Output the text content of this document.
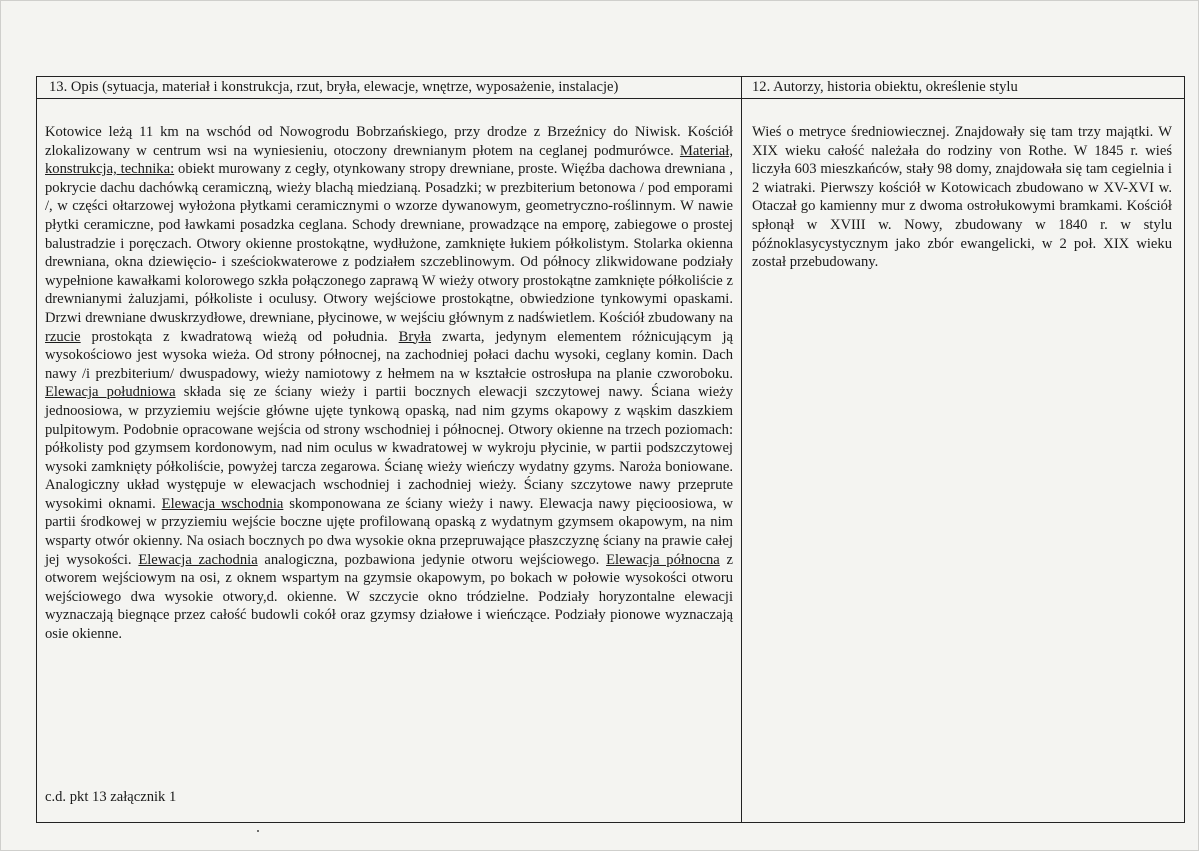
13. Opis (sytuacja, materiał i konstrukcja, rzut, bryła, elewacje, wnętrze, wyposażenie, instalacje)
Kotowice leżą 11 km na wschód od Nowogrodu Bobrzańskiego, przy drodze z Brzeźnicy do Niwisk. Kościół zlokalizowany w centrum wsi na wyniesieniu, otoczony drewnianym płotem na ceglanej podmurówce. Materiał, konstrukcja, technika: obiekt murowany z cegły, otynkowany stropy drewniane, proste. Więźba dachowa drewniana , pokrycie dachu dachówką ceramiczną, wieży blachą miedzianą. Posadzki; w prezbiterium betonowa / pod emporami /, w części ołtarzowej wyłożona płytkami ceramicznymi o wzorze dywanowym, geometryczno-roślinnym. W nawie płytki ceramiczne, pod ławkami posadzka ceglana. Schody drewniane, prowadzące na emporę, zabiegowe o prostej balustradzie i poręczach. Otwory okienne prostokątne, wydłużone, zamknięte łukiem półkolistym. Stolarka okienna drewniana, okna dziewięcio- i sześciokwaterowe z podziałem szczeblinowym. Od północy zlikwidowane podziały wypełnione kawałkami kolorowego szkła połączonego zaprawą W wieży otwory prostokątne zamknięte półkoliście z drewnianymi żaluzjami, półkoliste i oculusy. Otwory wejściowe prostokątne, obwiedzione tynkowymi opaskami. Drzwi drewniane dwuskrzydłowe, drewniane, płycinowe, w wejściu głównym z nadświetlem. Kościół zbudowany na rzucie prostokąta z kwadratową wieżą od południa. Bryła zwarta, jedynym elementem różnicującym ją wysokościowo jest wysoka wieża. Od strony północnej, na zachodniej połaci dachu wysoki, ceglany komin. Dach nawy /i prezbiterium/ dwuspadowy, wieży namiotowy z hełmem na w kształcie ostrosłupa na planie czworoboku. Elewacja południowa składa się ze ściany wieży i partii bocznych elewacji szczytowej nawy. Ściana wieży jednoosiowa, w przyziemiu wejście główne ujęte tynkową opaską, nad nim gzyms okapowy z wąskim daszkiem pulpitowym. Podobnie opracowane wejścia od strony wschodniej i północnej. Otwory okienne na trzech poziomach: półkolisty pod gzymsem kordonowym, nad nim oculus w kwadratowej w wykroju płycinie, w partii podszczytowej wysoki zamknięty półkoliście, powyżej tarcza zegarowa. Ścianę wieży wieńczy wydatny gzyms. Naroża boniowane. Analogiczny układ występuje w elewacjach wschodniej i zachodniej wieży. Ściany szczytowe nawy przeprute wysokimi oknami. Elewacja wschodnia skomponowana ze ściany wieży i nawy. Elewacja nawy pięcioosiowa, w partii środkowej w przyziemiu wejście boczne ujęte profilowaną opaską z wydatnym gzymsem okapowym, na nim wsparty otwór okienny. Na osiach bocznych po dwa wysokie okna przepruwające płaszczyznę ściany na prawie całej jej wysokości. Elewacja zachodnia analogiczna, pozbawiona jedynie otworu wejściowego. Elewacja północna z otworem wejściowym na osi, z oknem wspartym na gzymsie okapowym, po bokach w połowie wysokości otworu wejściowego dwa wysokie otwory,d. okienne. W szczycie okno tródzielne. Podziały horyzontalne elewacji wyznaczają biegnące przez całość budowli cokół oraz gzymsy działowe i wieńczące. Podziały pionowe wyznaczają osie okienne.
c.d. pkt 13 załącznik 1
12. Autorzy, historia obiektu, określenie stylu
Wieś o metryce średniowiecznej. Znajdowały się tam trzy majątki. W XIX wieku całość należała do rodziny von Rothe. W 1845 r. wieś liczyła 603 mieszkańców, stały 98 domy, znajdowała się tam cegielnia i 2 wiatraki. Pierwszy kościół w Kotowicach zbudowano w XV-XVI w. Otaczał go kamienny mur z dwoma ostrołukowymi bramkami. Kościół spłonął w XVIII w. Nowy, zbudowany w 1840 r. w stylu późnoklasycystycznym jako zbór ewangelicki, w 2 poł. XIX wieku został przebudowany.
